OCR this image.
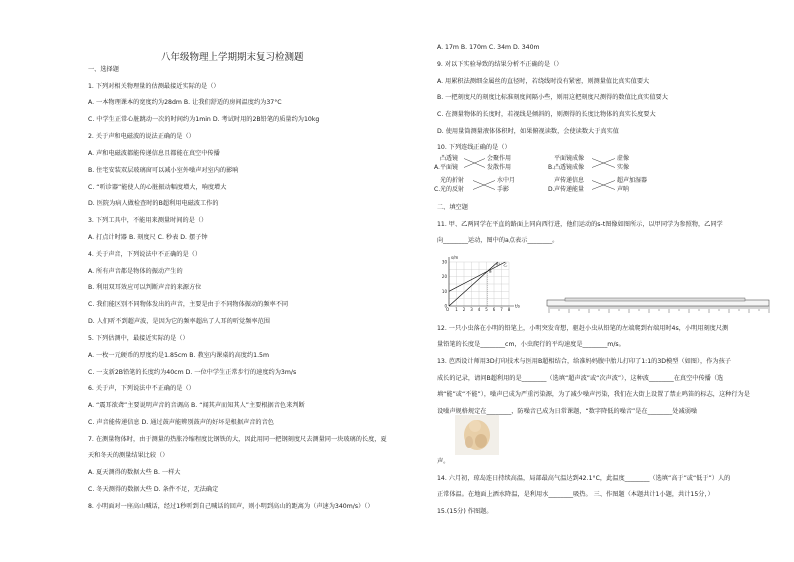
八年级物理上学期期末复习检测题
一、选择题
1. 下列对相关物理量的估测最接近实际的是（）
A. 一本物理课本的宽度约为28dm B. 让我们舒适的房间温度约为37°C
C. 中学生正常心脏跳动一次的时间约为1min D. 考试时用的2B铅笔的质量约为10kg
2. 关于声和电磁波的说法正确的是（）
A. 声和电磁波都能传递信息且都能在真空中传播
B. 住宅安装双层玻璃窗可以减小室外噪声对室内的影响
C. “听诊器”能使人的心脏振动幅度增大，响度增大
D. 医院为病人做检查时的B超利用电磁波工作的
3. 下列工具中，不能用来测量时间的是（）
A. 打点计时器 B. 刻度尺 C. 秒表 D. 摆子钟
4. 关于声音，下列说法中不正确的是（）
A. 所有声音都是物体的振动产生的
B. 利用双耳效应可以判断声音的来源方位
C. 我们能区别不同物体发出的声音，主要是由于不同物体振动的频率不同
D. 人们听不到超声波，是因为它的频率超出了人耳的听觉频率范围
5. 下列估测中，最接近实际的是（）
A. 一枚一元硬币的厚度约是1.85cm B. 教室内课桌的高度约1.5m
C. 一支新2B铅笔的长度约为40cm D. 一位中学生正常步行的速度约为3m/s
6. 关于声，下列说法中不正确的是（）
A. “震耳欲聋”主要说明声音的音调高 B. “闻其声而知其人”主要根据音色来判断
C. 声音能传递信息 D. 通过鼓声能辨别鼓声的好坏是根据声音的音色
7. 在测量物体时，由于测量的热胀冷缩程度比钢铁的大，因此用同一把钢刻度尺去测量同一块玻璃的长度，夏
天和冬天的测量结果比较（）
A. 夏天测得的数据大些 B. 一样大
C. 冬天测得的数据大些 D. 条件不足，无法确定
8. 小明面对一座高山喊话，经过1秒听到自己喊话的回声，则小明到高山的距离为（声速为340m/s）（）
A. 17m B. 170m C. 34m D. 340m
9. 对以下实验导致的结果分析不正确的是（）
A. 用累积法测细金属丝的直径时，若绕线时没有紧密，则测量值比真实值要大
B. 一把刻度尺的刻度比标准刻度间隔小些，则用这把刻度尺测得的数值比真实值要大
C. 在测量物体的长度时，若视线是倾斜的，则测得的长度比物体的真实长度要大
D. 使用量筒测量液体体积时，如果俯视读数，会使读数大于真实值
10. 下列连线正确的是（）
凸透镜
平面镜
会聚作用
发散作用
A.
光的折射
光的反射
水中月
手影
C.
平面镜成像
凸透镜成像
虚像
实像
B.
声传递信息
声传递能量
超声加湿器
声呐
D.
二、填空题
11. 甲、乙两同学在平直的路面上同向西行进，他们运动的s-t图像如图所示，以甲同学为参照物，乙同学
向________运动，图中的a点表示________。
0
10
20
30
1 2 3 4 5 6 7 8
O
t/s
s/m
甲 乙
a
12. 一只小虫落在小明的铅笔上，小明突发奇想，驱赶小虫从铅笔的左端爬到右端用时4s，小明用刻度尺测
量铅笔的长度是________cm，小虫爬行的平均速度是________m/s。
13. 芭西设计师用3D打印技术与医用B超相结合，给准妈妈腹中胎儿打印了1:1的3D模型（如图），作为孩子
成长的记录，请问B超利用的是________（选填“超声波”或“次声波”），这种波________在真空中传播（选
填“能”或“不能”），噪声已成为严重污染源，为了减少噪声污染，我们在大街上设置了禁止鸣笛的标志，这种行为是
设噪声规格规定在________，防噪音已成为日常课题，“数字降低的噪音”是在________处减弱噪
声。
14. 六月初，琼岛连日持续高温，局部最高气温达到42.1°C，此温度________（选填“高于”或“低于”）人的
正常体温。在地面上洒水降温，是利用水________吸热。 三、作图题（本题共计1小题，共计15分，）
15.(15分) 作图题。
